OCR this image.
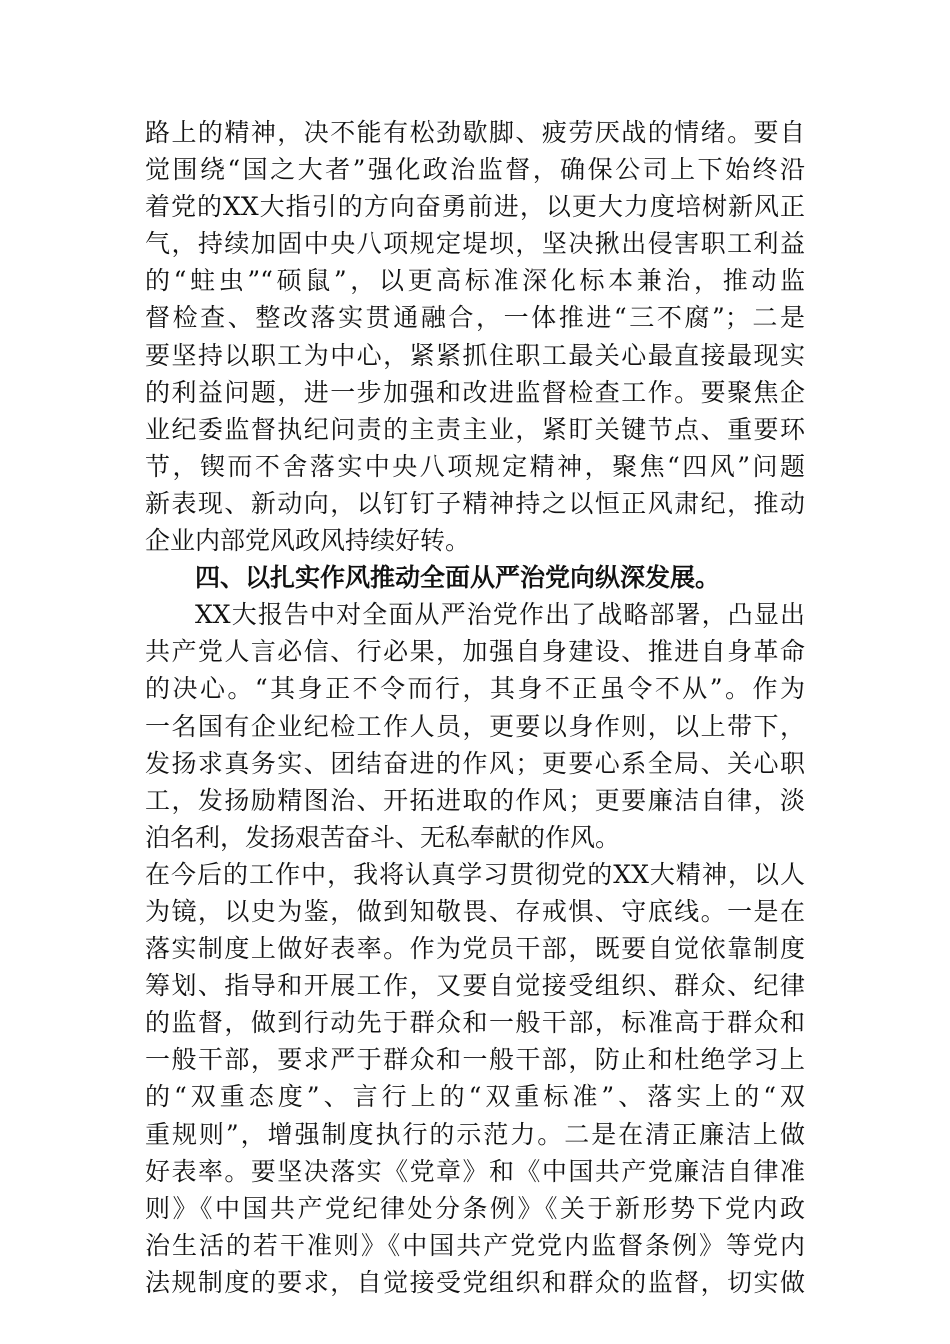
路上的精神，决不能有松劲歇脚、疲劳厌战的情绪。要自
觉围绕“国之大者”强化政治监督，确保公司上下始终沿
着党的XX大指引的方向奋勇前进，以更大力度培树新风正
气，持续加固中央八项规定堤坝，坚决揪出侵害职工利益
的“蛀虫”“硕鼠”，以更高标准深化标本兼治，推动监
督检查、整改落实贯通融合，一体推进“三不腐”；二是
要坚持以职工为中心，紧紧抓住职工最关心最直接最现实
的利益问题，进一步加强和改进监督检查工作。要聚焦企
业纪委监督执纪问责的主责主业，紧盯关键节点、重要环
节，锲而不舍落实中央八项规定精神，聚焦“四风”问题
新表现、新动向，以钉钉子精神持之以恒正风肃纪，推动
企业内部党风政风持续好转。
四、以扎实作风推动全面从严治党向纵深发展。
XX大报告中对全面从严治党作出了战略部署，凸显出
共产党人言必信、行必果，加强自身建设、推进自身革命
的决心。“其身正不令而行，其身不正虽令不从”。作为
一名国有企业纪检工作人员，更要以身作则，以上带下，
发扬求真务实、团结奋进的作风；更要心系全局、关心职
工，发扬励精图治、开拓进取的作风；更要廉洁自律，淡
泊名利，发扬艰苦奋斗、无私奉献的作风。
在今后的工作中，我将认真学习贯彻党的XX大精神，以人
为镜，以史为鉴，做到知敬畏、存戒惧、守底线。一是在
落实制度上做好表率。作为党员干部，既要自觉依靠制度
筹划、指导和开展工作，又要自觉接受组织、群众、纪律
的监督，做到行动先于群众和一般干部，标准高于群众和
一般干部，要求严于群众和一般干部，防止和杜绝学习上
的“双重态度”、言行上的“双重标准”、落实上的“双
重规则”，增强制度执行的示范力。二是在清正廉洁上做
好表率。要坚决落实《党章》和《中国共产党廉洁自律准
则》《中国共产党纪律处分条例》《关于新形势下党内政
治生活的若干准则》《中国共产党党内监督条例》等党内
法规制度的要求，自觉接受党组织和群众的监督，切实做
